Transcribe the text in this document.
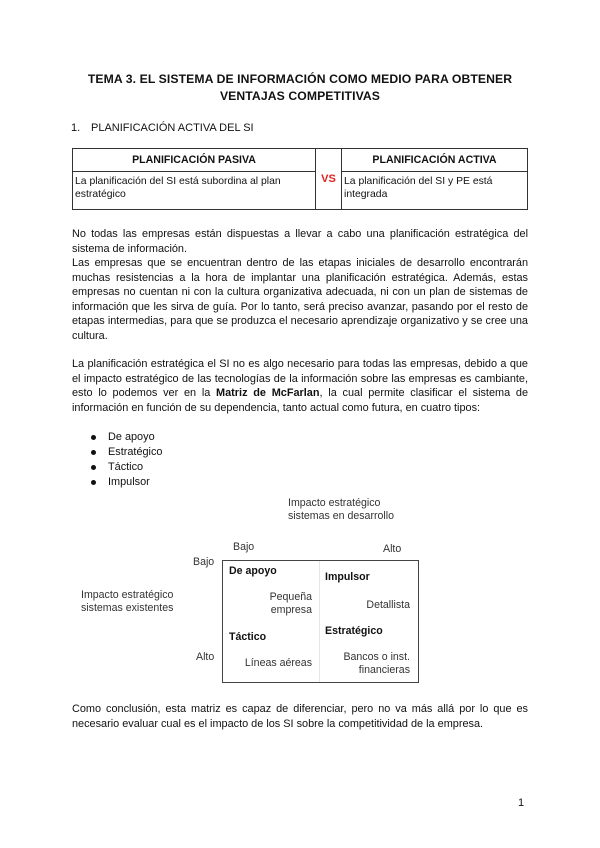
TEMA 3. EL SISTEMA DE INFORMACIÓN COMO MEDIO PARA OBTENER
VENTAJAS COMPETITIVAS
1. PLANIFICACIÓN ACTIVA DEL SI
PLANIFICACIÓN PASIVA	VS	PLANIFICACIÓN ACTIVA
La planificación del SI está subordina al plan estratégico		La planificación del SI y PE está integrada

No todas las empresas están dispuestas a llevar a cabo una planificación estratégica del sistema de información.

Las empresas que se encuentran dentro de las etapas iniciales de desarrollo encontrarán muchas resistencias a la hora de implantar una planificación estratégica. Además, estas empresas no cuentan ni con la cultura organizativa adecuada, ni con un plan de sistemas de información que les sirva de guía. Por lo tanto, será preciso avanzar, pasando por el resto de etapas intermedias, para que se produzca el necesario aprendizaje organizativo y se cree una cultura.

La planificación estratégica el SI no es algo necesario para todas las empresas, debido a que el impacto estratégico de las tecnologías de la información sobre las empresas es cambiante, esto lo podemos ver en la Matriz de McFarlan, la cual permite clasificar el sistema de información en función de su dependencia, tanto actual como futura, en cuatro tipos:

De apoyo
Estratégico
Táctico
Impulsor
Impacto estratégico
sistemas en desarrollo
Bajo	Alto
Impacto estratégico
sistemas existentes
Bajo
Alto
De apoyo
Pequeña
empresa
Impulsor
Detallista
Táctico
Líneas aéreas
Estratégico
Bancos o inst.
financieras
Como conclusión, esta matriz es capaz de diferenciar, pero no va más allá por lo que es necesario evaluar cual es el impacto de los SI sobre la competitividad de la empresa.
1
